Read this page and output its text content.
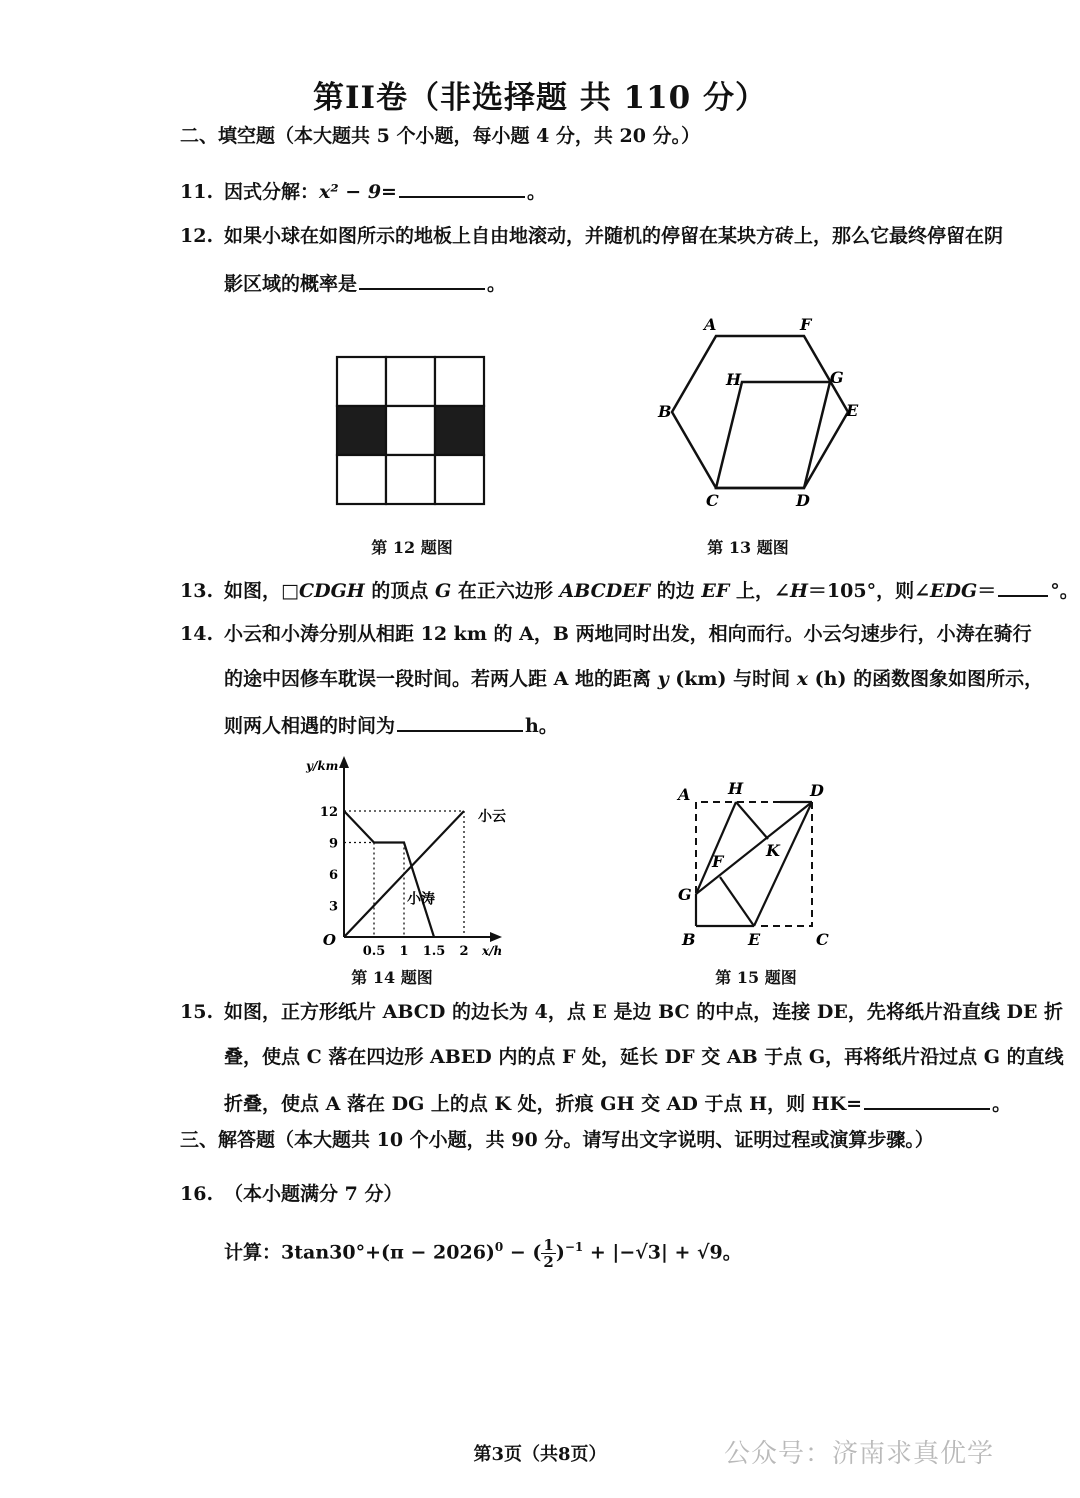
第II卷（非选择题 共 110 分）
二、填空题（本大题共 5 个小题，每小题 4 分，共 20 分。）
11. 因式分解：x² − 9=	。
12. 如果小球在如图所示的地板上自由地滚动，并随机的停留在某块方砖上，那么它最终停留在阴
影区域的概率是	。
第 12 题图
A	F
B	E
C	D
H	G
第 13 题图
13. 如图，□CDGH 的顶点 G 在正六边形 ABCDEF 的边 EF 上，∠H＝105°，则∠EDG＝	°。
14. 小云和小涛分别从相距 12 km 的 A，B 两地同时出发，相向而行。小云匀速步行，小涛在骑行
的途中因修车耽误一段时间。若两人距 A 地的距离 y (km) 与时间 x (h) 的函数图象如图所示，
则两人相遇的时间为	h。
0.5 1 1.5 2
3
6
9
12
O
x/h
y/km
小云
小涛
第 14 题图
A H	D
F
K
G
B	E	C
第 15 题图
15. 如图，正方形纸片 ABCD 的边长为 4，点 E 是边 BC 的中点，连接 DE，先将纸片沿直线 DE 折
叠，使点 C 落在四边形 ABED 内的点 F 处，延长 DF 交 AB 于点 G，再将纸片沿过点 G 的直线
折叠，使点 A 落在 DG 上的点 K 处，折痕 GH 交 AD 于点 H，则 HK=	。
三、解答题（本大题共 10 个小题，共 90 分。请写出文字说明、证明过程或演算步骤。）
16. （本小题满分 7 分）
计算：$3\tan 30^\circ+(\pi - 2026)^0$ − ( $\frac{1}{2} )^{-1} + |-√3| + √9$。
第3页（共8页）	公众号：济南求真优学
